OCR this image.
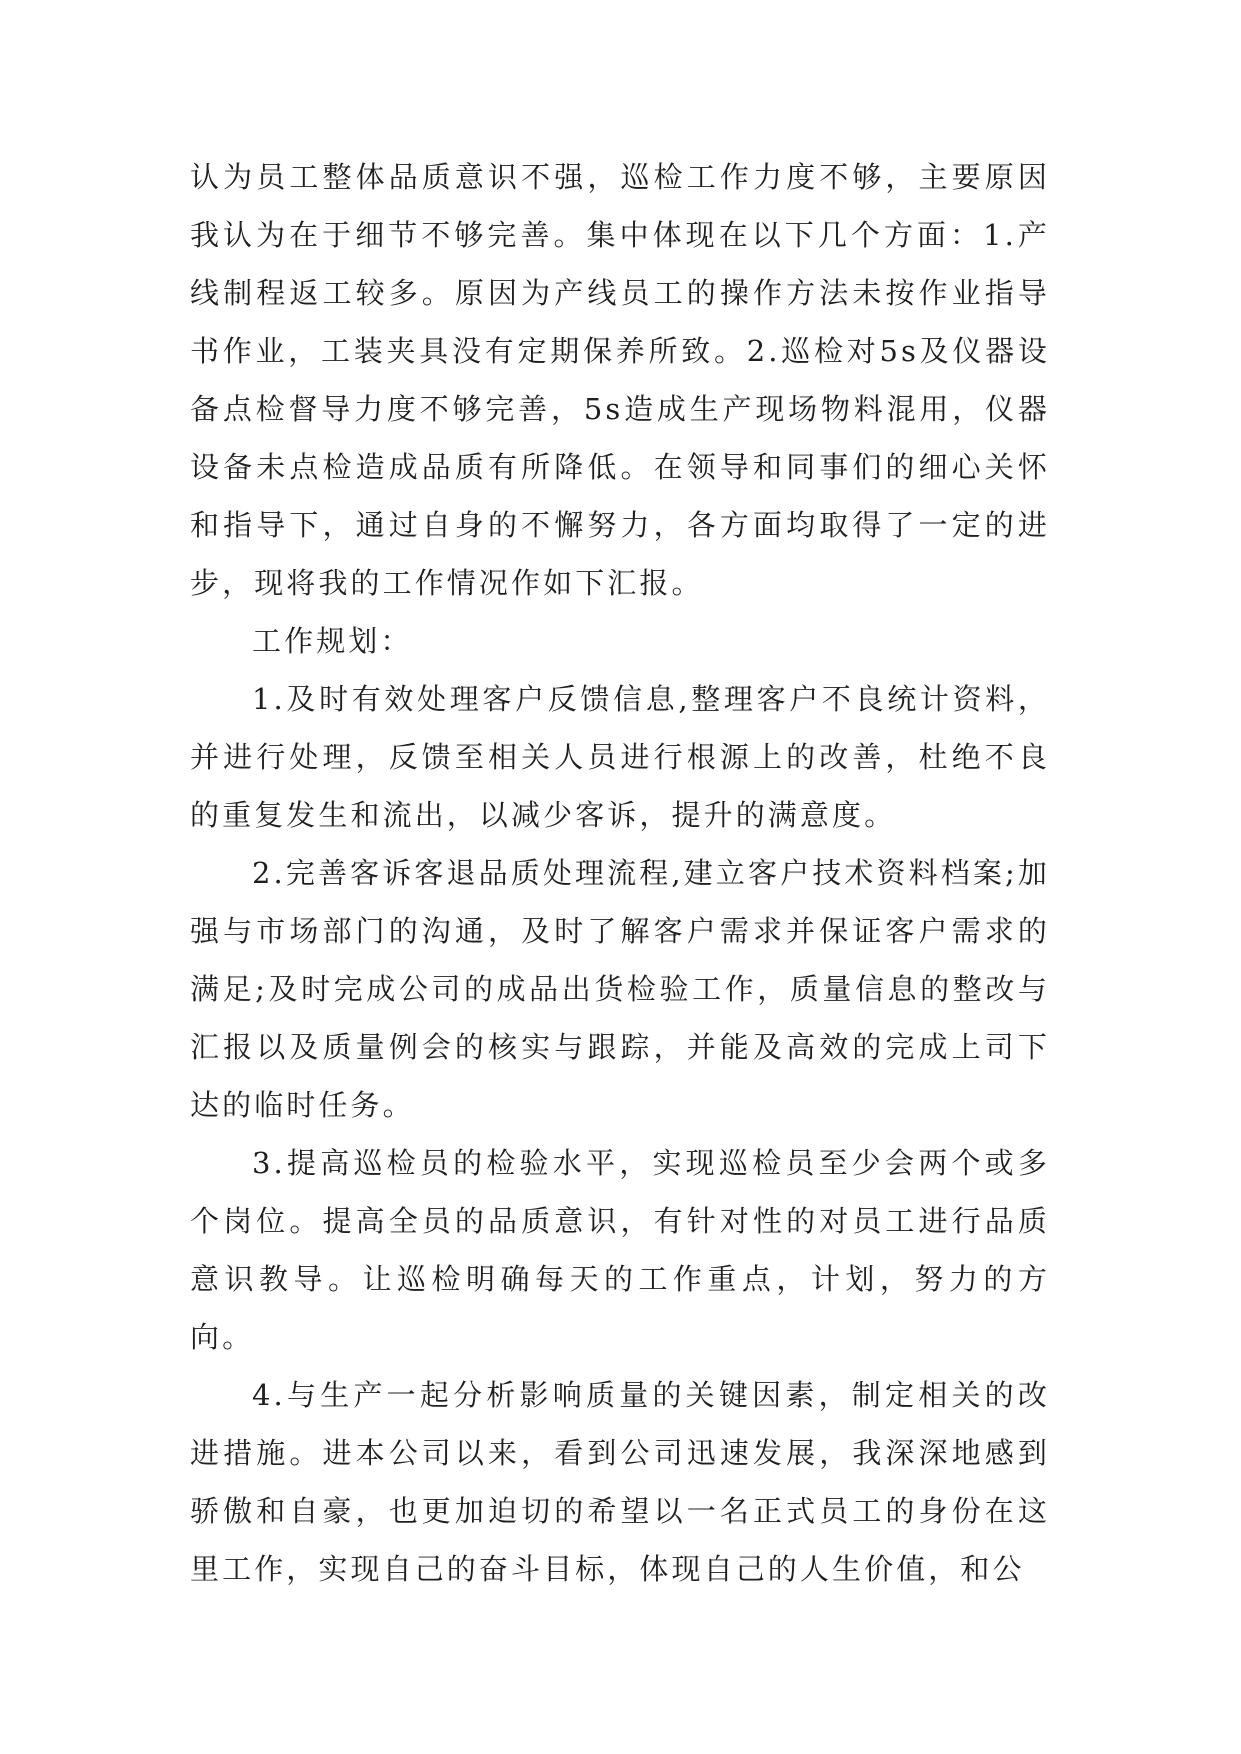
认为员工整体品质意识不强，巡检工作力度不够，主要原因我认为在于细节不够完善。集中体现在以下几个方面：1.产线制程返工较多。原因为产线员工的操作方法未按作业指导书作业，工装夹具没有定期保养所致。2.巡检对5s及仪器设备点检督导力度不够完善，5s造成生产现场物料混用，仪器设备未点检造成品质有所降低。在领导和同事们的细心关怀和指导下，通过自身的不懈努力，各方面均取得了一定的进步，现将我的工作情况作如下汇报。

工作规划：

1.及时有效处理客户反馈信息,整理客户不良统计资料，并进行处理，反馈至相关人员进行根源上的改善，杜绝不良的重复发生和流出，以减少客诉，提升的满意度。

2.完善客诉客退品质处理流程,建立客户技术资料档案;加强与市场部门的沟通，及时了解客户需求并保证客户需求的满足;及时完成公司的成品出货检验工作，质量信息的整改与汇报以及质量例会的核实与跟踪，并能及高效的完成上司下达的临时任务。

3.提高巡检员的检验水平，实现巡检员至少会两个或多个岗位。提高全员的品质意识，有针对性的对员工进行品质意识教导。让巡检明确每天的工作重点，计划，努力的方向。

4.与生产一起分析影响质量的关键因素，制定相关的改进措施。进本公司以来，看到公司迅速发展，我深深地感到骄傲和自豪，也更加迫切的希望以一名正式员工的身份在这里工作，实现自己的奋斗目标，体现自己的人生价值，和公
